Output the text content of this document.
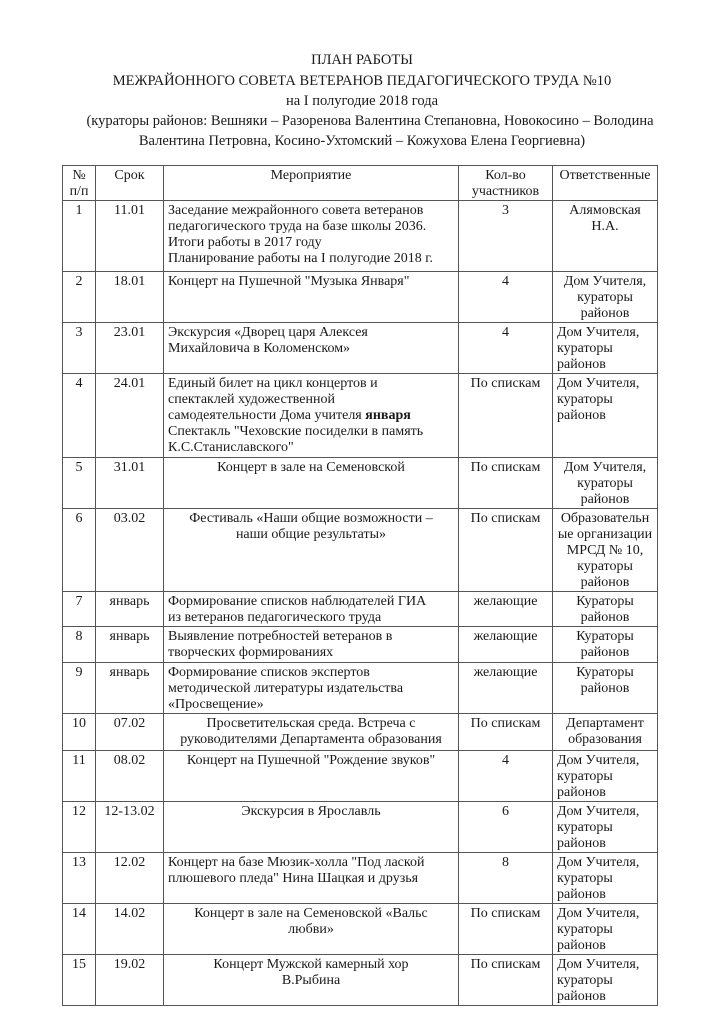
ПЛАН РАБОТЫ
МЕЖРАЙОННОГО СОВЕТА ВЕТЕРАНОВ ПЕДАГОГИЧЕСКОГО ТРУДА №10
на I полугодие 2018 года
(кураторы районов: Вешняки – Разоренова Валентина Степановна, Новокосино – Володина
Валентина Петровна, Косино-Ухтомский – Кожухова Елена Георгиевна)
№
п/п	Срок	Мероприятие	Кол-во
участников	Ответственные

1	11.01	Заседание межрайонного совета ветеранов
педагогического труда на базе школы 2036.
Итоги работы в 2017 году
Планирование работы на I полугодие 2018 г.	3	Алямовская
Н.А.

2	18.01	Концерт на Пушечной "Музыка Января"	4	Дом Учителя,
кураторы
районов

3	23.01	Экскурсия «Дворец царя Алексея
Михайловича в Коломенском»	4	Дом Учителя,
кураторы
районов

4	24.01	Единый билет на цикл концертов и
спектаклей художественной
самодеятельности Дома учителя января
Спектакль "Чеховские посиделки в память
К.С.Станиславского"	По спискам	Дом Учителя,
кураторы
районов

5	31.01	Концерт в зале на Семеновской	По спискам	Дом Учителя,
кураторы
районов

6	03.02	Фестиваль «Наши общие возможности –
наши общие результаты»	По спискам	Образовательн
ые организации
МРСД № 10,
кураторы
районов

7	январь	Формирование списков наблюдателей ГИА
из ветеранов педагогического труда	желающие	Кураторы
районов

8	январь	Выявление потребностей ветеранов в
творческих формированиях	желающие	Кураторы
районов

9	январь	Формирование списков экспертов
методической литературы издательства
«Просвещение»	желающие	Кураторы
районов

10	07.02	Просветительская среда. Встреча с
руководителями Департамента образования	По спискам	Департамент
образования

11	08.02	Концерт на Пушечной "Рождение звуков"	4	Дом Учителя,
кураторы
районов

12	12-13.02	Экскурсия в Ярославль	6	Дом Учителя,
кураторы
районов

13	12.02	Концерт на базе Мюзик-холла "Под лаской
плюшевого пледа" Нина Шацкая и друзья	8	Дом Учителя,
кураторы
районов

14	14.02	Концерт в зале на Семеновской «Вальс
любви»	По спискам	Дом Учителя,
кураторы
районов

15	19.02	Концерт Мужской камерный хор
В.Рыбина	По спискам	Дом Учителя,
кураторы
районов
